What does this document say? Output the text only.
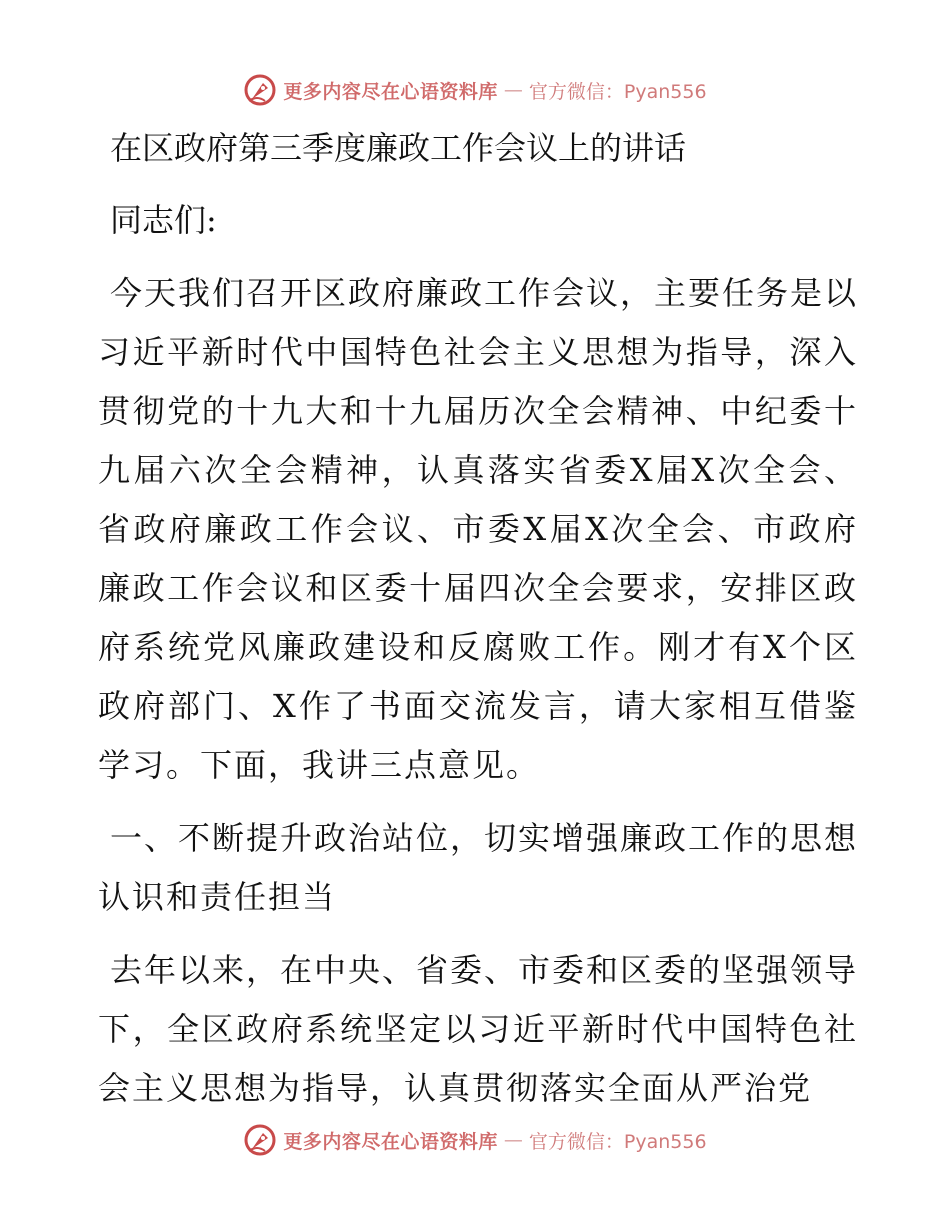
更多内容尽在心语资料库 — 官方微信：Pyan556
在区政府第三季度廉政工作会议上的讲话
同志们:

今天我们召开区政府廉政工作会议，主要任务是以习近平新时代中国特色社会主义思想为指导，深入贯彻党的十九大和十九届历次全会精神、中纪委十九届六次全会精神，认真落实省委X届X次全会、省政府廉政工作会议、市委X届X次全会、市政府廉政工作会议和区委十届四次全会要求，安排区政府系统党风廉政建设和反腐败工作。刚才有X个区政府部门、X作了书面交流发言，请大家相互借鉴学习。下面，我讲三点意见。

一、不断提升政治站位，切实增强廉政工作的思想认识和责任担当

去年以来，在中央、省委、市委和区委的坚强领导下，全区政府系统坚定以习近平新时代中国特色社会主义思想为指导，认真贯彻落实全面从严治党

更多内容尽在心语资料库 — 官方微信：Pyan556
